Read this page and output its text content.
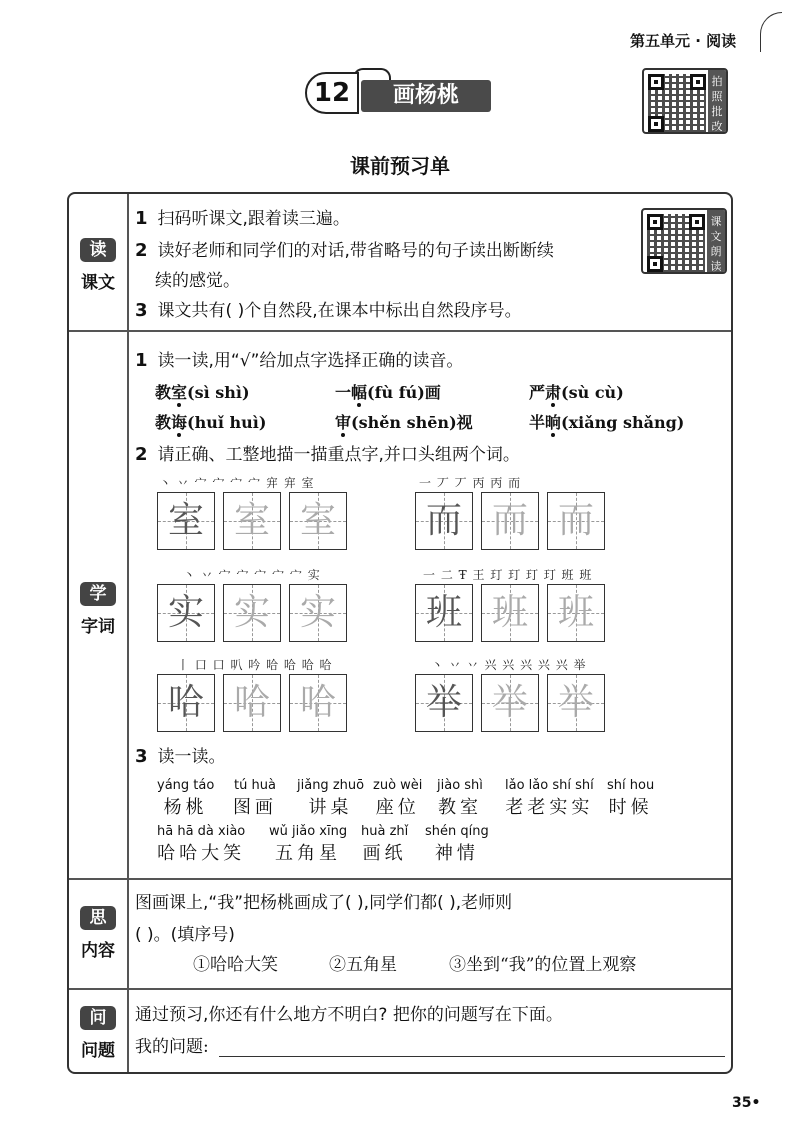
第五单元 · 阅读
12	画杨桃
拍照批改
课前预习单
读
课文
1 扫码听课文,跟着读三遍。
2 读好老师和同学们的对话,带省略号的句子读出断断续
续的感觉。
3 课文共有( )个自然段,在课本中标出自然段序号。
课文朗读
学
字词
1 读一读,用“√”给加点字选择正确的读音。
教室(sì shì)	一幅(fù fú)画	严肃(sù cù)
教诲(huǐ huì)	审(shěn shēn)视	半晌(xiǎng shǎng)
2 请正确、工整地描一描重点字,并口头组两个词。
丶 丷 宀 宀 宀 宀 宑 宑 室
室 室 室
一 丆 丆 丙 丙 而
而 而 而
丶 丷 宀 宀 宀 宀 宀 实
实 实 实
一 二 Ŧ 王 玎 玎 玎 玎 班 班
班 班 班
丨 口 口 叭 吟 哈 哈 哈 哈
哈 哈 哈
丶 丷 丷 兴 兴 兴 兴 兴 举
举 举 举
3 读一读。
yáng táo
杨桃
tú huà
图画
jiǎng zhuō
讲桌
zuò wèi
座位
jiào shì
教室
lǎo lǎo shí shí
老老实实
shí hou
时候
hā hā dà xiào
哈哈大笑
wǔ jiǎo xīng
五角星
huà zhǐ
画纸
shén qíng
神情
思
内容
图画课上,“我”把杨桃画成了( ),同学们都( ),老师则
( )。(填序号)
①哈哈大笑	②五角星	③坐到“我”的位置上观察
问
问题
通过预习,你还有什么地方不明白? 把你的问题写在下面。
我的问题:
35•
